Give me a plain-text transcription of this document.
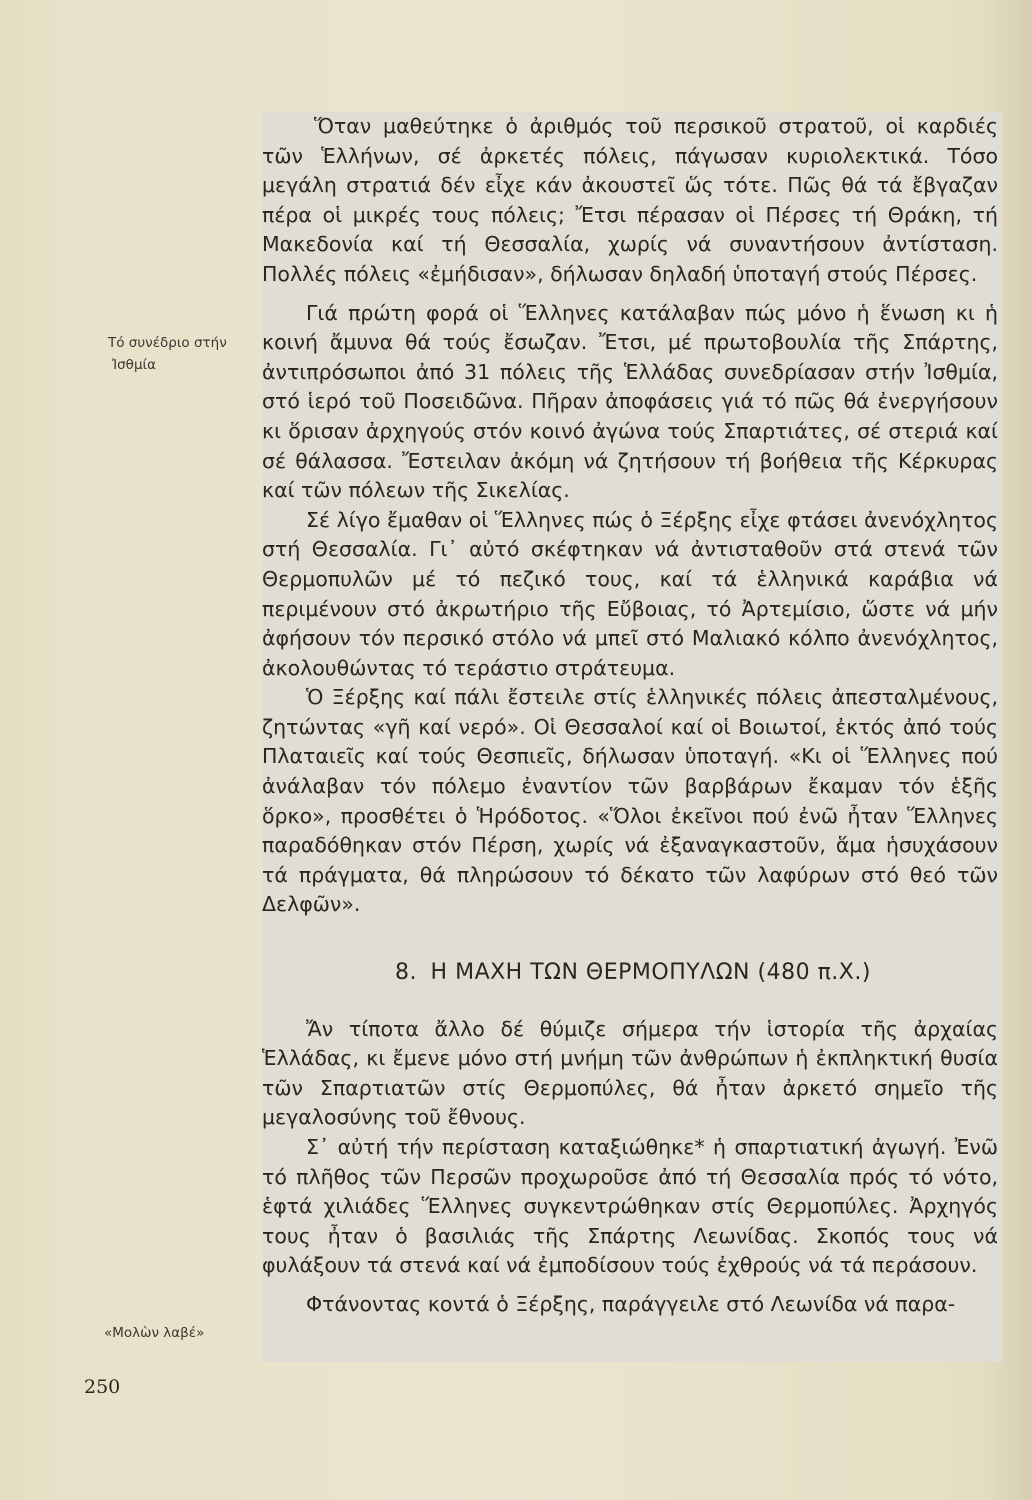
Τό συνέδριο στήν
Ἰσθμία

Ὅταν μαθεύτηκε ὁ ἀριθμός τοῦ περσικοῦ στρατοῦ, οἱ καρδιές τῶν Ἑλλήνων, σέ ἀρκετές πόλεις, πάγωσαν κυριολεκτικά. Τόσο μεγάλη στρατιά δέν εἶχε κάν ἀκουστεῖ ὥς τότε. Πῶς θά τά ἔβγαζαν πέρα οἱ μικρές τους πόλεις; Ἔτσι πέρασαν οἱ Πέρσες τή Θράκη, τή Μακεδονία καί τή Θεσσαλία, χωρίς νά συναντήσουν ἀντίσταση. Πολλές πόλεις «ἐμήδισαν», δήλωσαν δηλαδή ὑποταγή στούς Πέρσες.

Γιά πρώτη φορά οἱ Ἕλληνες κατάλαβαν πώς μόνο ἡ ἕνωση κι ἡ κοινή ἄμυνα θά τούς ἔσωζαν. Ἔτσι, μέ πρωτοβουλία τῆς Σπάρτης, ἀντιπρόσωποι ἀπό 31 πόλεις τῆς Ἑλλάδας συνεδρίασαν στήν Ἰσθμία, στό ἱερό τοῦ Ποσειδῶνα. Πῆραν ἀποφάσεις γιά τό πῶς θά ἐνεργήσουν κι ὅρισαν ἀρχηγούς στόν κοινό ἀγώνα τούς Σπαρτιάτες, σέ στεριά καί σέ θάλασσα. Ἔστειλαν ἀκόμη νά ζητήσουν τή βοήθεια τῆς Κέρκυρας καί τῶν πόλεων τῆς Σικελίας.

Σέ λίγο ἔμαθαν οἱ Ἕλληνες πώς ὁ Ξέρξης εἶχε φτάσει ἀνενόχλητος στή Θεσσαλία. Γι᾿ αὐτό σκέφτηκαν νά ἀντισταθοῦν στά στενά τῶν Θερμοπυλῶν μέ τό πεζικό τους, καί τά ἑλληνικά καράβια νά περιμένουν στό ἀκρωτήριο τῆς Εὔβοιας, τό Ἀρτεμίσιο, ὥστε νά μήν ἀφήσουν τόν περσικό στόλο νά μπεῖ στό Μαλιακό κόλπο ἀνενόχλητος, ἀκολουθώντας τό τεράστιο στράτευμα.

Ὁ Ξέρξης καί πάλι ἔστειλε στίς ἑλληνικές πόλεις ἀπεσταλμένους, ζητώντας «γῆ καί νερό». Οἱ Θεσσαλοί καί οἱ Βοιωτοί, ἐκτός ἀπό τούς Πλαταιεῖς καί τούς Θεσπιεῖς, δήλωσαν ὑποταγή. «Κι οἱ Ἕλληνες πού ἀνάλαβαν τόν πόλεμο ἐναντίον τῶν βαρβάρων ἔκαμαν τόν ἑξῆς ὅρκο», προσθέτει ὁ Ἡρόδοτος. «Ὅλοι ἐκεῖνοι πού ἐνῶ ἦταν Ἕλληνες παραδόθηκαν στόν Πέρση, χωρίς νά ἐξαναγκαστοῦν, ἅμα ἡσυχάσουν τά πράγματα, θά πληρώσουν τό δέκατο τῶν λαφύρων στό θεό τῶν Δελφῶν».

8. Η ΜΑΧΗ ΤΩΝ ΘΕΡΜΟΠΥΛΩΝ (480 π.Χ.)

Ἄν τίποτα ἄλλο δέ θύμιζε σήμερα τήν ἱστορία τῆς ἀρχαίας Ἑλλάδας, κι ἔμενε μόνο στή μνήμη τῶν ἀνθρώπων ἡ ἐκπληκτική θυσία τῶν Σπαρτιατῶν στίς Θερμοπύλες, θά ἦταν ἀρκετό σημεῖο τῆς μεγαλοσύνης τοῦ ἔθνους.

Σ᾿ αὐτή τήν περίσταση καταξιώθηκε* ἡ σπαρτιατική ἀγωγή. Ἐνῶ τό πλῆθος τῶν Περσῶν προχωροῦσε ἀπό τή Θεσσαλία πρός τό νότο, ἑφτά χιλιάδες Ἕλληνες συγκεντρώθηκαν στίς Θερμοπύλες. Ἀρχηγός τους ἦταν ὁ βασιλιάς τῆς Σπάρτης Λεωνίδας. Σκοπός τους νά φυλάξουν τά στενά καί νά ἐμποδίσουν τούς ἐχθρούς νά τά περάσουν.

Φτάνοντας κοντά ὁ Ξέρξης, παράγγειλε στό Λεωνίδα νά παρα-

«Μολὼν λαβέ»
250
